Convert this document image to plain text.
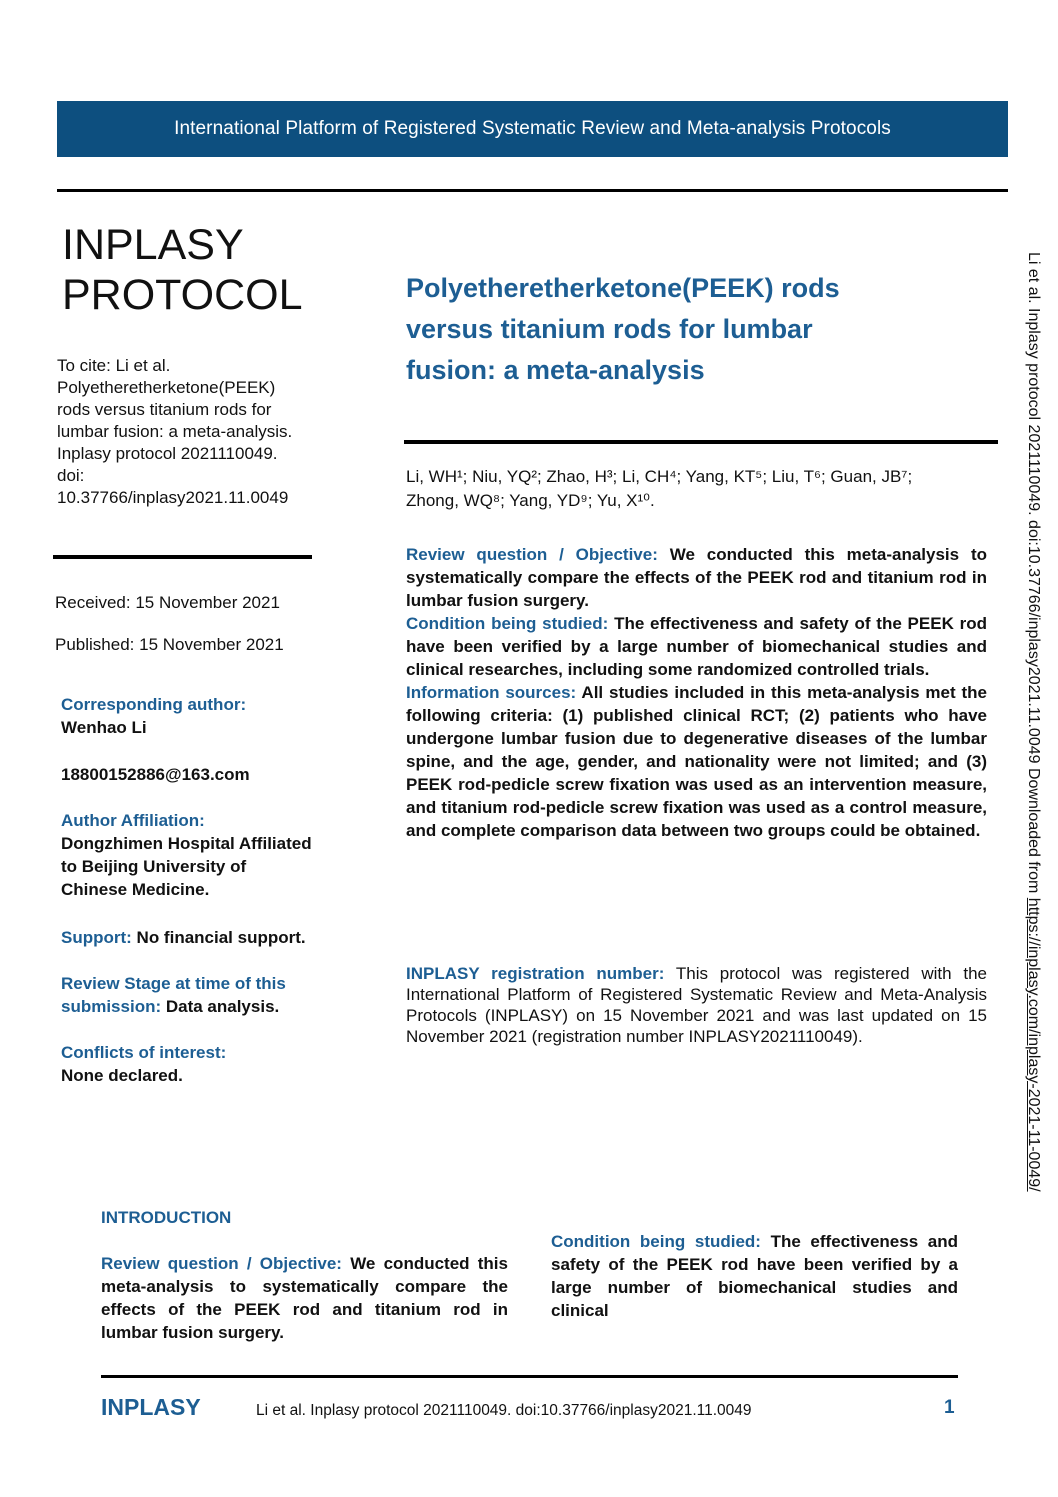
International Platform of Registered Systematic Review and Meta-analysis Protocols
INPLASY
PROTOCOL
To cite: Li et al.
Polyetheretherketone(PEEK)
rods versus titanium rods for
lumbar fusion: a meta-analysis.
Inplasy protocol 2021110049.
doi:
10.37766/inplasy2021.11.0049
Received: 15 November 2021
Published: 15 November 2021
Corresponding author:
Wenhao Li
18800152886@163.com
Author Affiliation:
Dongzhimen Hospital Affiliated
to Beijing University of
Chinese Medicine.
Support: No financial support.
Review Stage at time of this
submission: Data analysis.
Conflicts of interest:
None declared.
Polyetheretherketone(PEEK) rods
versus titanium rods for lumbar
fusion: a meta-analysis
Li, WH¹; Niu, YQ²; Zhao, H³; Li, CH⁴; Yang, KT⁵; Liu, T⁶; Guan, JB⁷;
Zhong, WQ⁸; Yang, YD⁹; Yu, X¹⁰.

Review question / Objective: We conducted this meta-analysis to systematically compare the effects of the PEEK rod and titanium rod in lumbar fusion surgery.

Condition being studied: The effectiveness and safety of the PEEK rod have been verified by a large number of biomechanical studies and clinical researches, including some randomized controlled trials.

Information sources: All studies included in this meta-analysis met the following criteria: (1) published clinical RCT; (2) patients who have undergone lumbar fusion due to degenerative diseases of the lumbar spine, and the age, gender, and nationality were not limited; and (3) PEEK rod-pedicle screw fixation was used as an intervention measure, and titanium rod-pedicle screw fixation was used as a control measure, and complete comparison data between two groups could be obtained.

INPLASY registration number: This protocol was registered with the International Platform of Registered Systematic Review and Meta-Analysis Protocols (INPLASY) on 15 November 2021 and was last updated on 15 November 2021 (registration number INPLASY2021110049).
INTRODUCTION
Review question / Objective: We conducted this meta-analysis to systematically compare the effects of the PEEK rod and titanium rod in lumbar fusion surgery.
Condition being studied: The effectiveness and safety of the PEEK rod have been verified by a large number of biomechanical studies and clinical
INPLASY	Li et al. Inplasy protocol 2021110049. doi:10.37766/inplasy2021.11.0049	1
Li et al. Inplasy protocol 2021110049. doi:10.37766/inplasy2021.11.0049 Downloaded from https://inplasy.com/inplasy-2021-11-0049/
